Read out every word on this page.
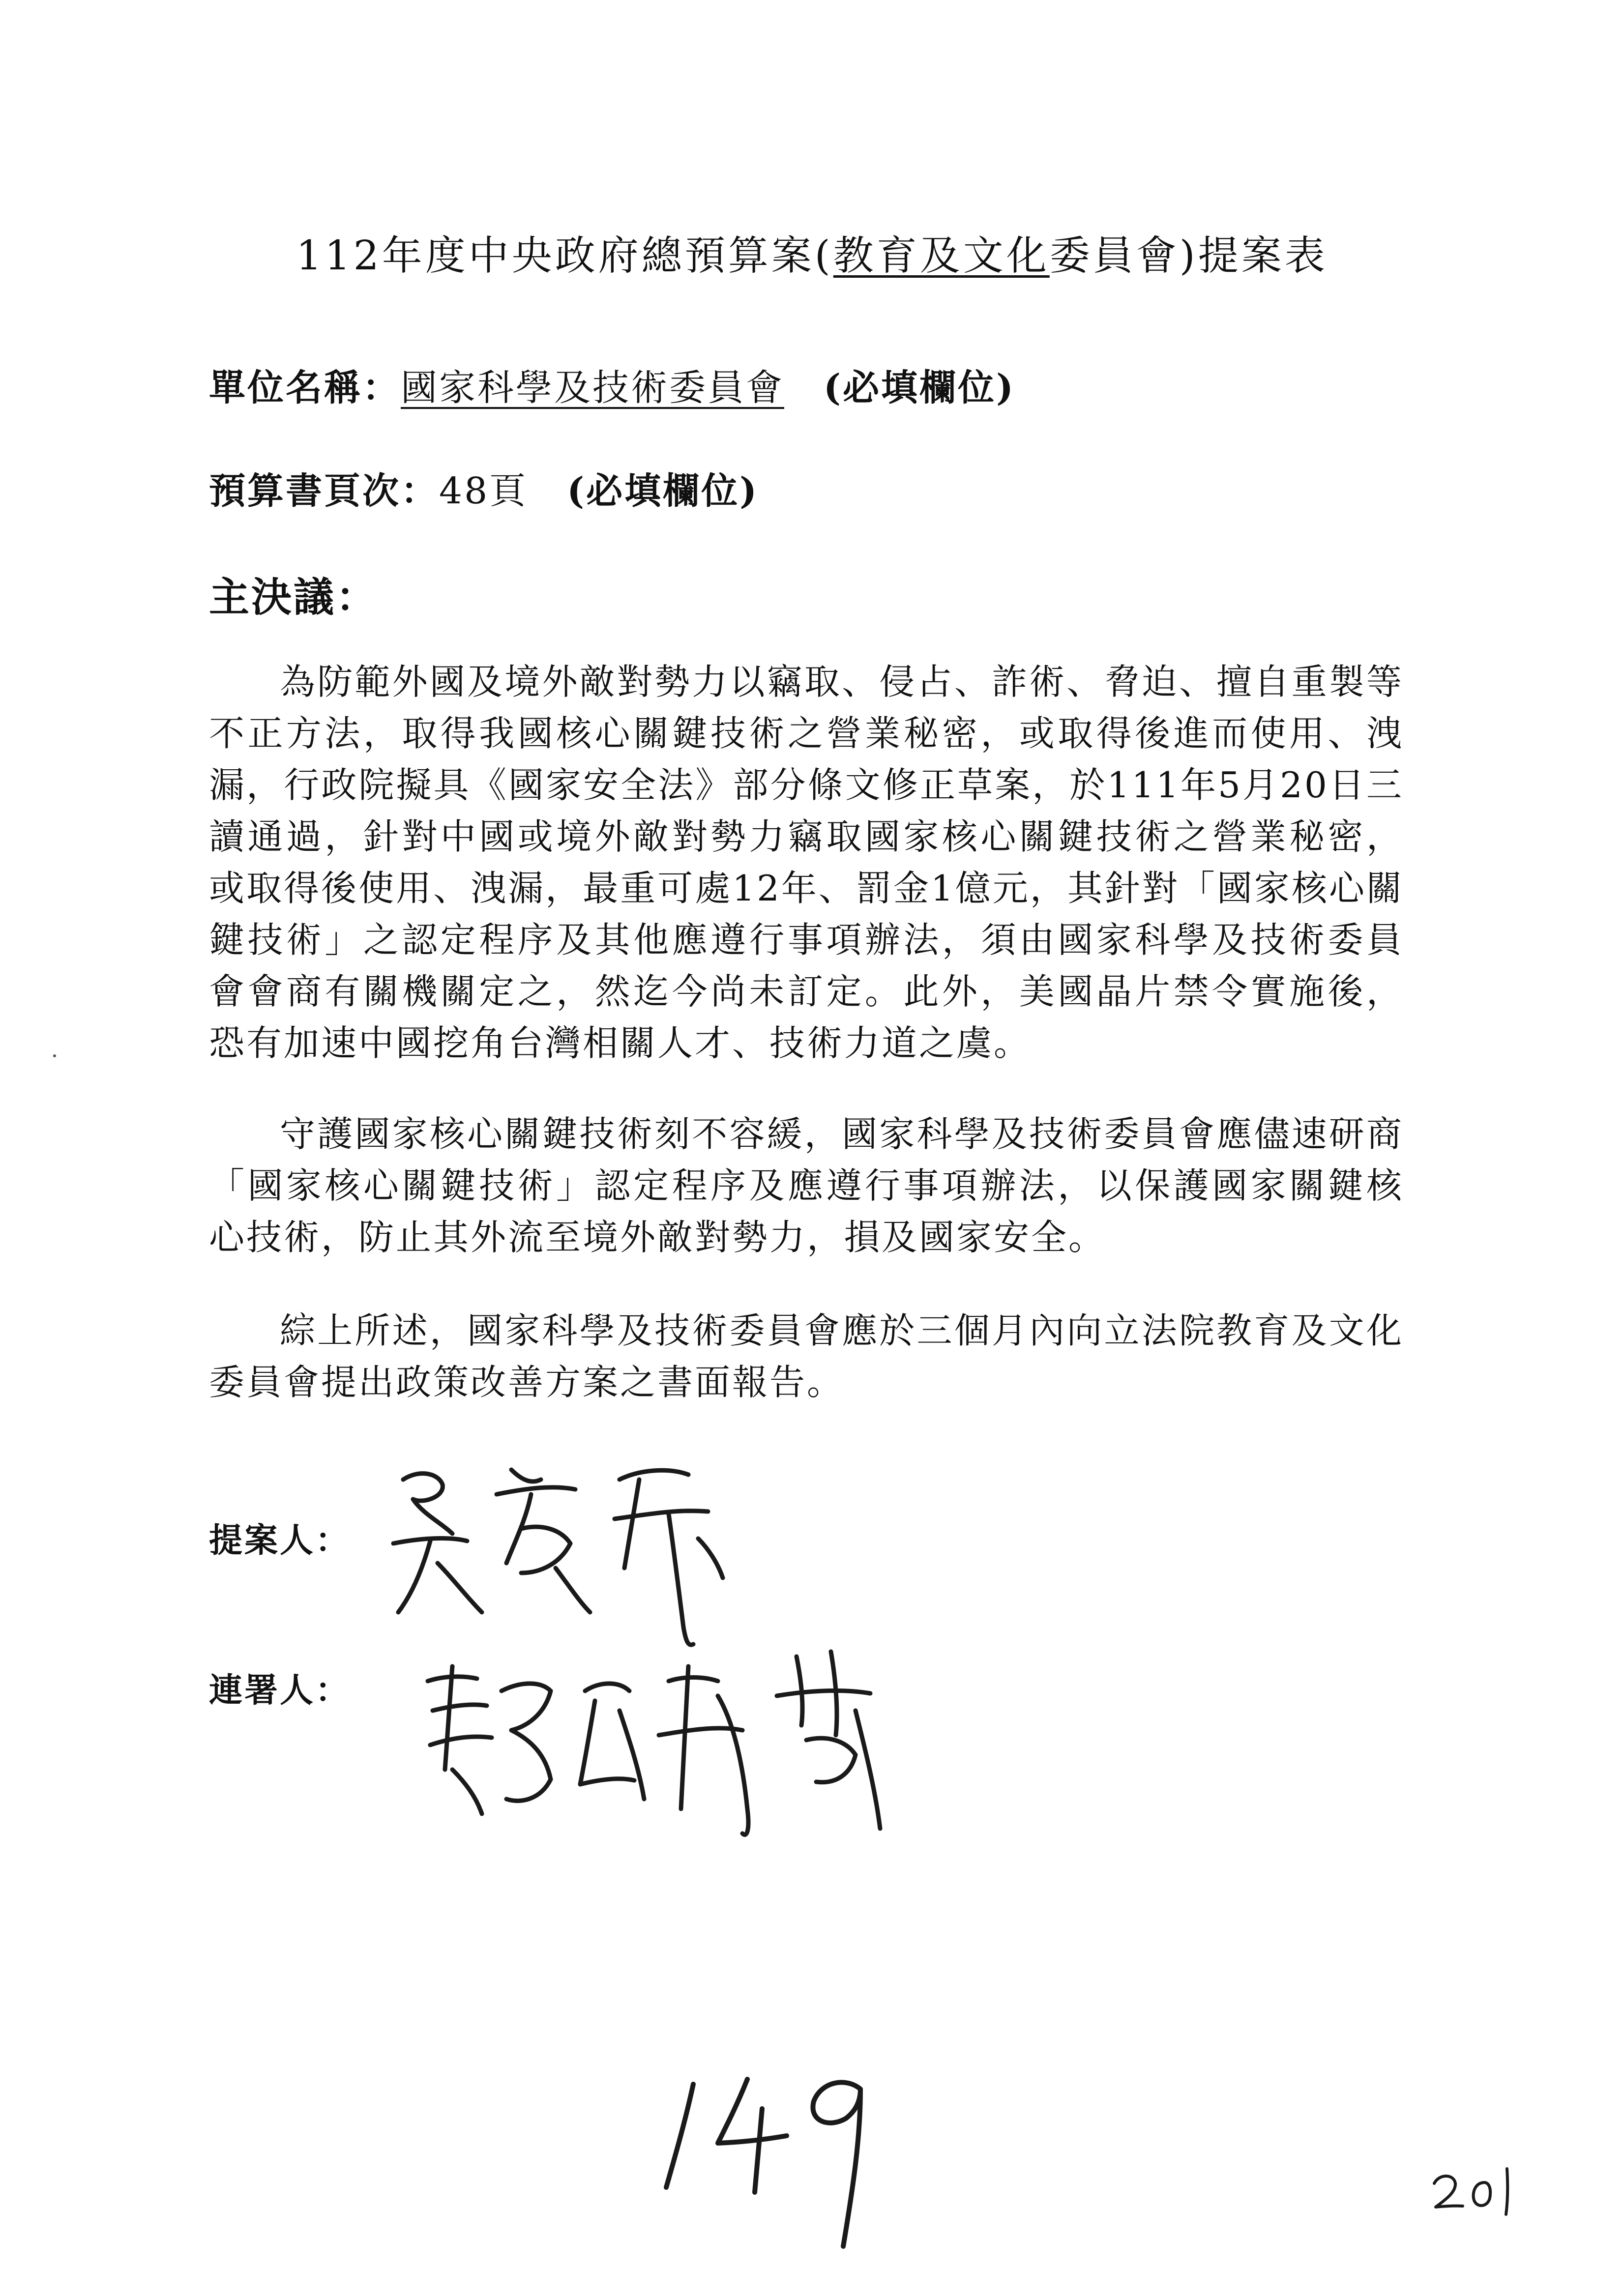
112年度中央政府總預算案(教育及文化委員會)提案表
單位名稱：國家科學及技術委員會 (必填欄位)
預算書頁次：48頁 (必填欄位)
主決議：
為防範外國及境外敵對勢力以竊取、侵占、詐術、脅迫、擅自重製等不正方法，取得我國核心關鍵技術之營業秘密，或取得後進而使用、洩漏，行政院擬具《國家安全法》部分條文修正草案，於111年5月20日三讀通過，針對中國或境外敵對勢力竊取國家核心關鍵技術之營業秘密，或取得後使用、洩漏，最重可處12年、罰金1億元，其針對「國家核心關鍵技術」之認定程序及其他應遵行事項辦法，須由國家科學及技術委員會會商有關機關定之，然迄今尚未訂定。此外，美國晶片禁令實施後，恐有加速中國挖角台灣相關人才、技術力道之虞。
守護國家核心關鍵技術刻不容緩，國家科學及技術委員會應儘速研商「國家核心關鍵技術」認定程序及應遵行事項辦法，以保護國家關鍵核心技術，防止其外流至境外敵對勢力，損及國家安全。
綜上所述，國家科學及技術委員會應於三個月內向立法院教育及文化委員會提出政策改善方案之書面報告。
提案人：
連署人：
